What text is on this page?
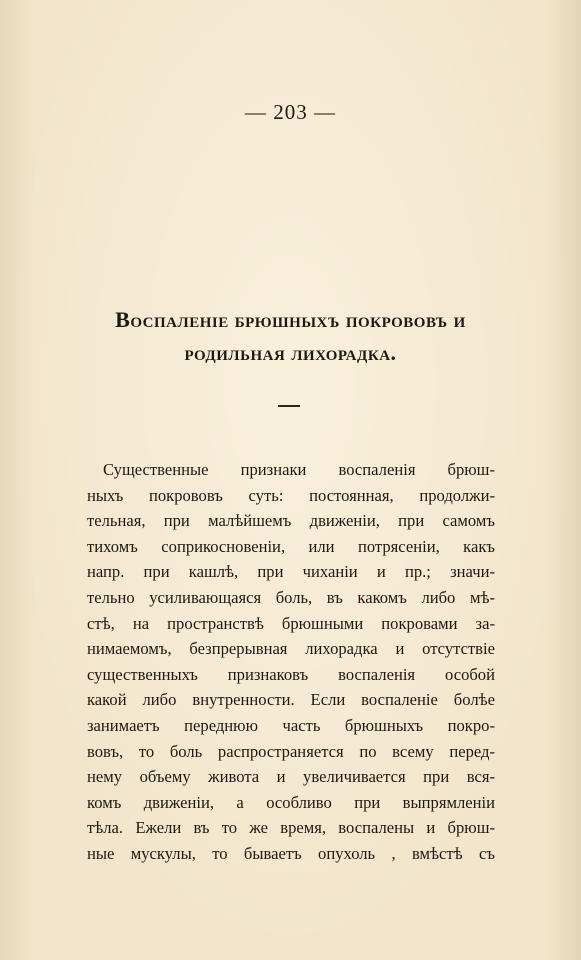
— 203 —
Воспаленіе брюшныхъ покрововъ и
родильная лихорадка.
Существенные признаки воспаленія брюш-
ныхъ покрововъ суть: постоянная, продолжи-
тельная, при малѣйшемъ движеніи, при самомъ
тихомъ соприкосновеніи, или потрясеніи, какъ
напр. при кашлѣ, при чиханіи и пр.; значи-
тельно усиливающаяся боль, въ какомъ либо мѣ-
стѣ, на пространствѣ брюшными покровами за-
нимаемомъ, безпрерывная лихорадка и отсутствіе
существенныхъ признаковъ воспаленія особой
какой либо внутренности. Если воспаленіе болѣе
занимаетъ переднюю часть брюшныхъ покро-
вовъ, то боль распространяется по всему перед-
нему объему живота и увеличивается при вся-
комъ движеніи, а особливо при выпрямленіи
тѣла. Ежели въ то же время, воспалены и брюш-
ные мускулы, то бываетъ опухоль , вмѣстѣ съ
